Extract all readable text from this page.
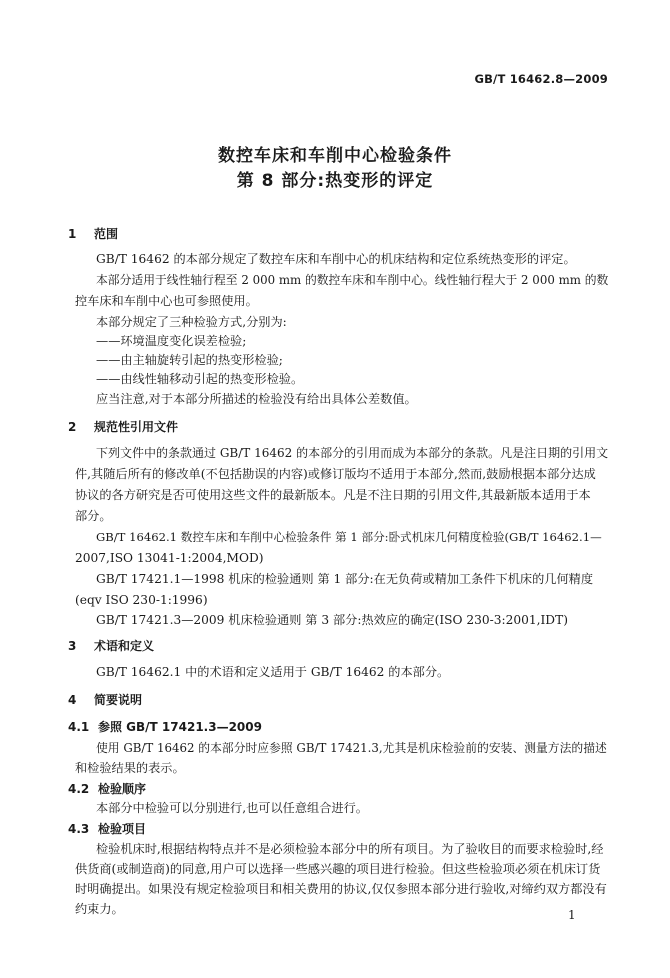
GB/T 16462.8—2009
数控车床和车削中心检验条件
第 8 部分:热变形的评定
1 范围
GB/T 16462 的本部分规定了数控车床和车削中心的机床结构和定位系统热变形的评定。
本部分适用于线性轴行程至 2 000 mm 的数控车床和车削中心。线性轴行程大于 2 000 mm 的数
控车床和车削中心也可参照使用。
本部分规定了三种检验方式,分别为:
——环境温度变化误差检验;
——由主轴旋转引起的热变形检验;
——由线性轴移动引起的热变形检验。
应当注意,对于本部分所描述的检验没有给出具体公差数值。
2 规范性引用文件
下列文件中的条款通过 GB/T 16462 的本部分的引用而成为本部分的条款。凡是注日期的引用文
件,其随后所有的修改单(不包括勘误的内容)或修订版均不适用于本部分,然而,鼓励根据本部分达成
协议的各方研究是否可使用这些文件的最新版本。凡是不注日期的引用文件,其最新版本适用于本
部分。
GB/T 16462.1 数控车床和车削中心检验条件 第 1 部分:卧式机床几何精度检验(GB/T 16462.1—
2007,ISO 13041-1:2004,MOD)
GB/T 17421.1—1998 机床的检验通则 第 1 部分:在无负荷或精加工条件下机床的几何精度
(eqv ISO 230-1:1996)
GB/T 17421.3—2009 机床检验通则 第 3 部分:热效应的确定(ISO 230-3:2001,IDT)
3 术语和定义
GB/T 16462.1 中的术语和定义适用于 GB/T 16462 的本部分。
4 简要说明
4.1 参照 GB/T 17421.3—2009
使用 GB/T 16462 的本部分时应参照 GB/T 17421.3,尤其是机床检验前的安装、测量方法的描述
和检验结果的表示。
4.2 检验顺序
本部分中检验可以分别进行,也可以任意组合进行。
4.3 检验项目
检验机床时,根据结构特点并不是必须检验本部分中的所有项目。为了验收目的而要求检验时,经
供货商(或制造商)的同意,用户可以选择一些感兴趣的项目进行检验。但这些检验项必须在机床订货
时明确提出。如果没有规定检验项目和相关费用的协议,仅仅参照本部分进行验收,对缔约双方都没有
约束力。	1
